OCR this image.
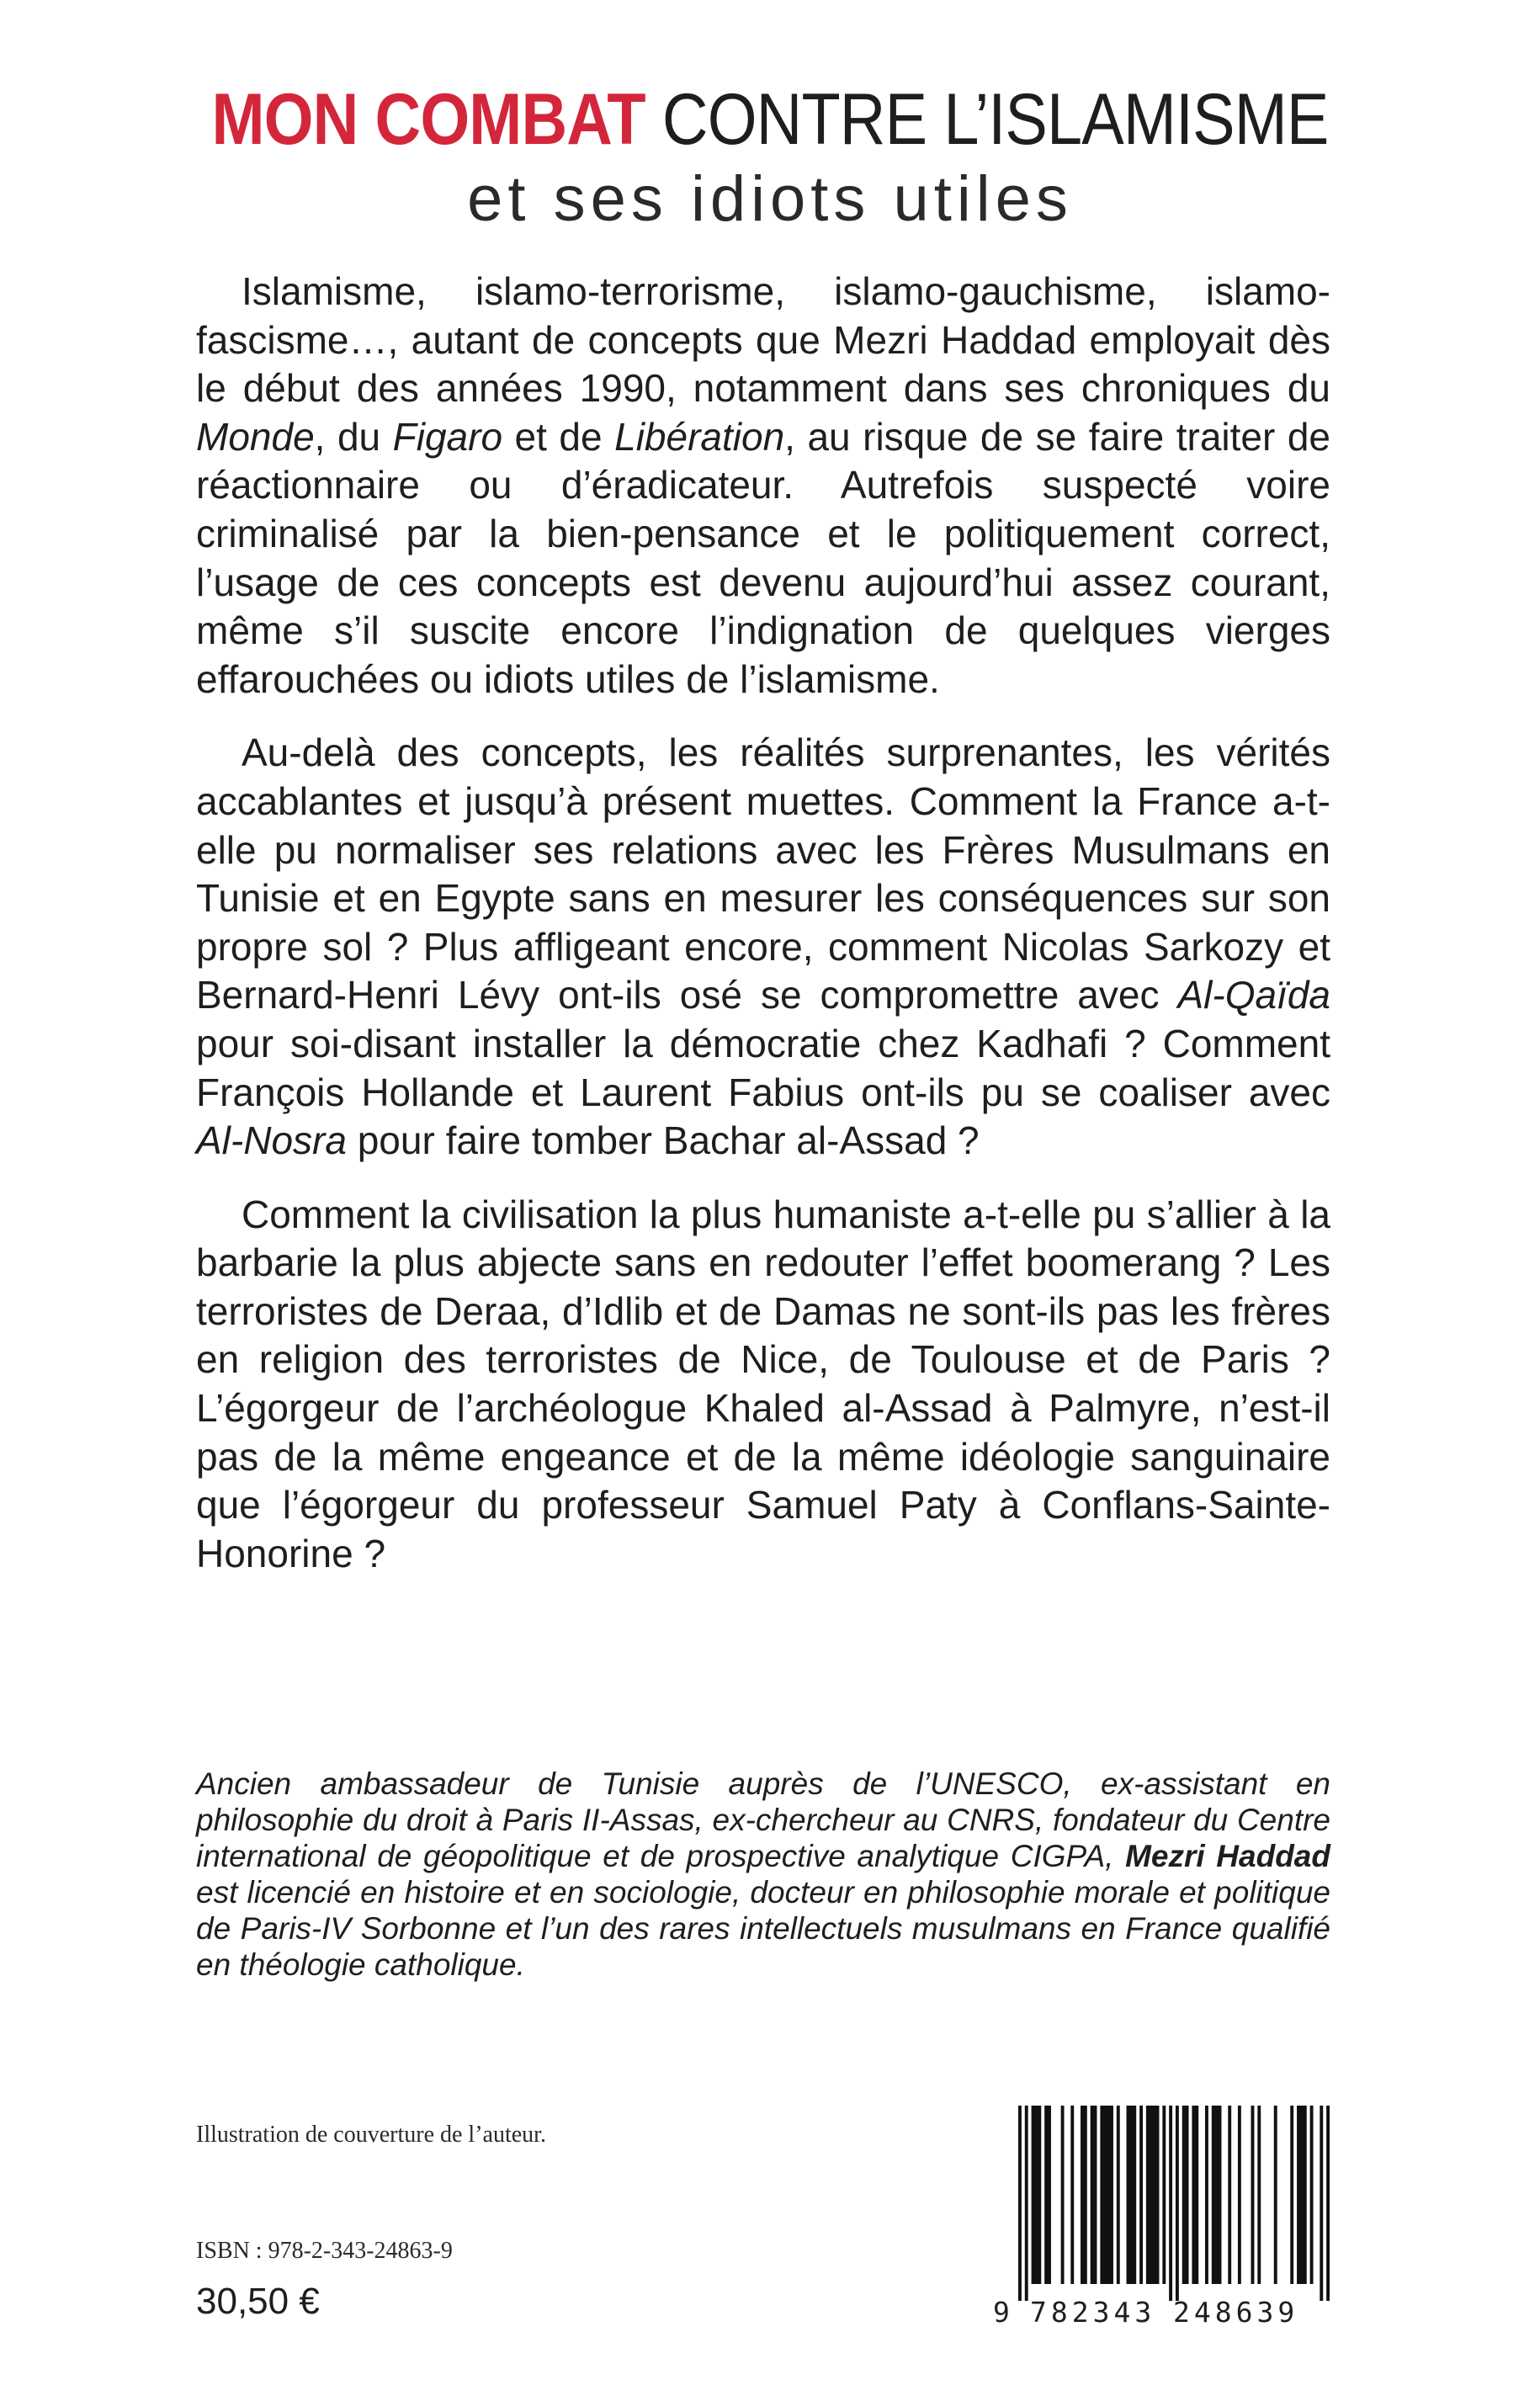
MON COMBAT CONTRE L’ISLAMISME
et ses idiots utiles

Islamisme, islamo-terrorisme, islamo-gauchisme, islamo-fascisme…, autant de concepts que Mezri Haddad employait dès le début des années 1990, notamment dans ses chroniques du Monde, du Figaro et de Libération, au risque de se faire traiter de réactionnaire ou d’éradicateur. Autrefois suspecté voire criminalisé par la bien-pensance et le politiquement correct, l’usage de ces concepts est devenu aujourd’hui assez courant, même s’il suscite encore l’indignation de quelques vierges effarouchées ou idiots utiles de l’islamisme.

Au-delà des concepts, les réalités surprenantes, les vérités accablantes et jusqu’à présent muettes. Comment la France a-t-elle pu normaliser ses relations avec les Frères Musulmans en Tunisie et en Egypte sans en mesurer les conséquences sur son propre sol ? Plus affligeant encore, comment Nicolas Sarkozy et Bernard-Henri Lévy ont-ils osé se compromettre avec Al-Qaïda pour soi-disant installer la démocratie chez Kadhafi ? Comment François Hollande et Laurent Fabius ont-ils pu se coaliser avec Al-Nosra pour faire tomber Bachar al-Assad ?

Comment la civilisation la plus humaniste a-t-elle pu s’allier à la barbarie la plus abjecte sans en redouter l’effet boomerang ? Les terroristes de Deraa, d’Idlib et de Damas ne sont-ils pas les frères en religion des terroristes de Nice, de Toulouse et de Paris ? L’égorgeur de l’archéologue Khaled al-Assad à Palmyre, n’est-il pas de la même engeance et de la même idéologie sanguinaire que l’égorgeur du professeur Samuel Paty à Conflans-Sainte-Honorine ?

Ancien ambassadeur de Tunisie auprès de l’UNESCO, ex-assistant en philosophie du droit à Paris II-Assas, ex-chercheur au CNRS, fondateur du Centre international de géopolitique et de prospective analytique CIGPA, Mezri Haddad est licencié en histoire et en sociologie, docteur en philosophie morale et politique de Paris-IV Sorbonne et l’un des rares intellectuels musulmans en France qualifié en théologie catholique.

Illustration de couverture de l’auteur.
ISBN : 978-2-343-24863-9
30,50 €	9 782343 248639
